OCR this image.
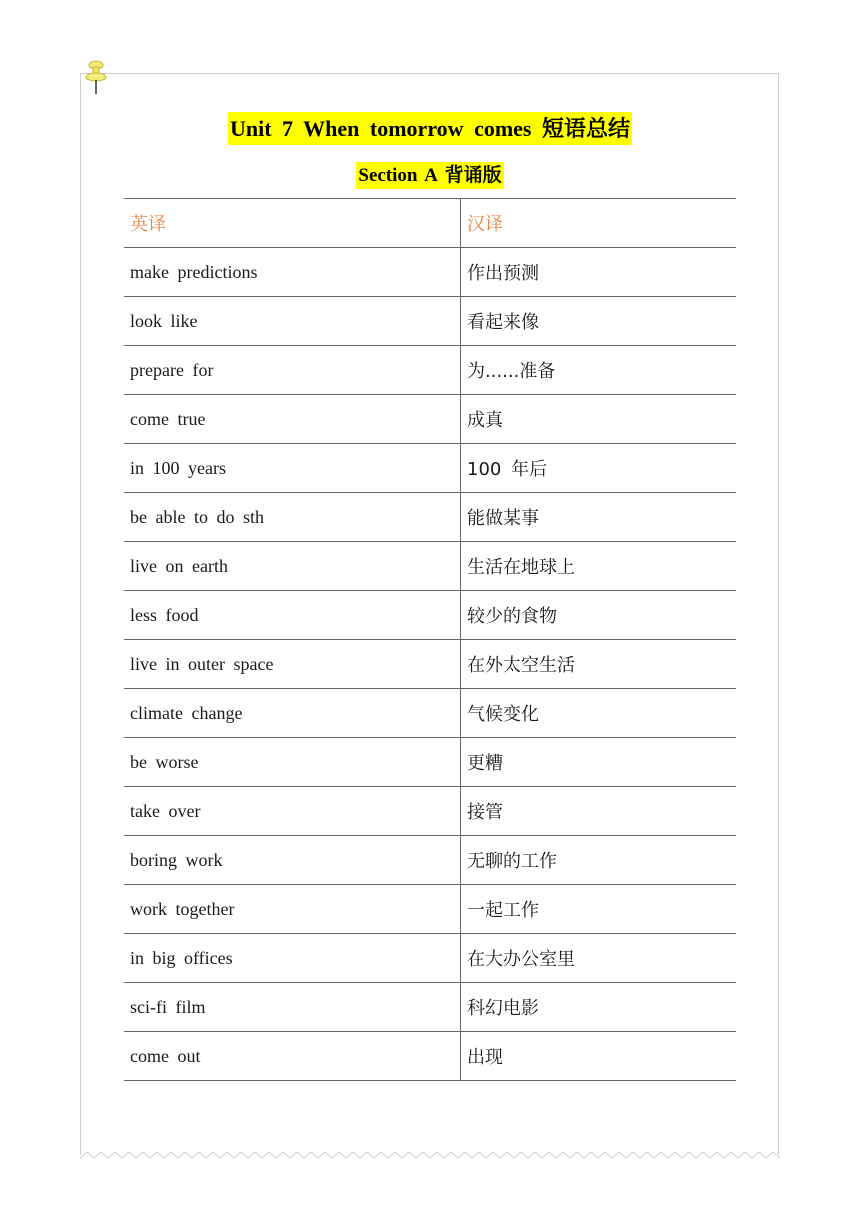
Unit 7 When tomorrow comes 短语总结
Section A 背诵版
英译	汉译
make predictions	作出预测
look like	看起来像
prepare for	为......准备
come true	成真
in 100 years	100 年后
be able to do sth	能做某事
live on earth	生活在地球上
less food	较少的食物
live in outer space	在外太空生活
climate change	气候变化
be worse	更糟
take over	接管
boring work	无聊的工作
work together	一起工作
in big offices	在大办公室里
sci-fi film	科幻电影
come out	出现
